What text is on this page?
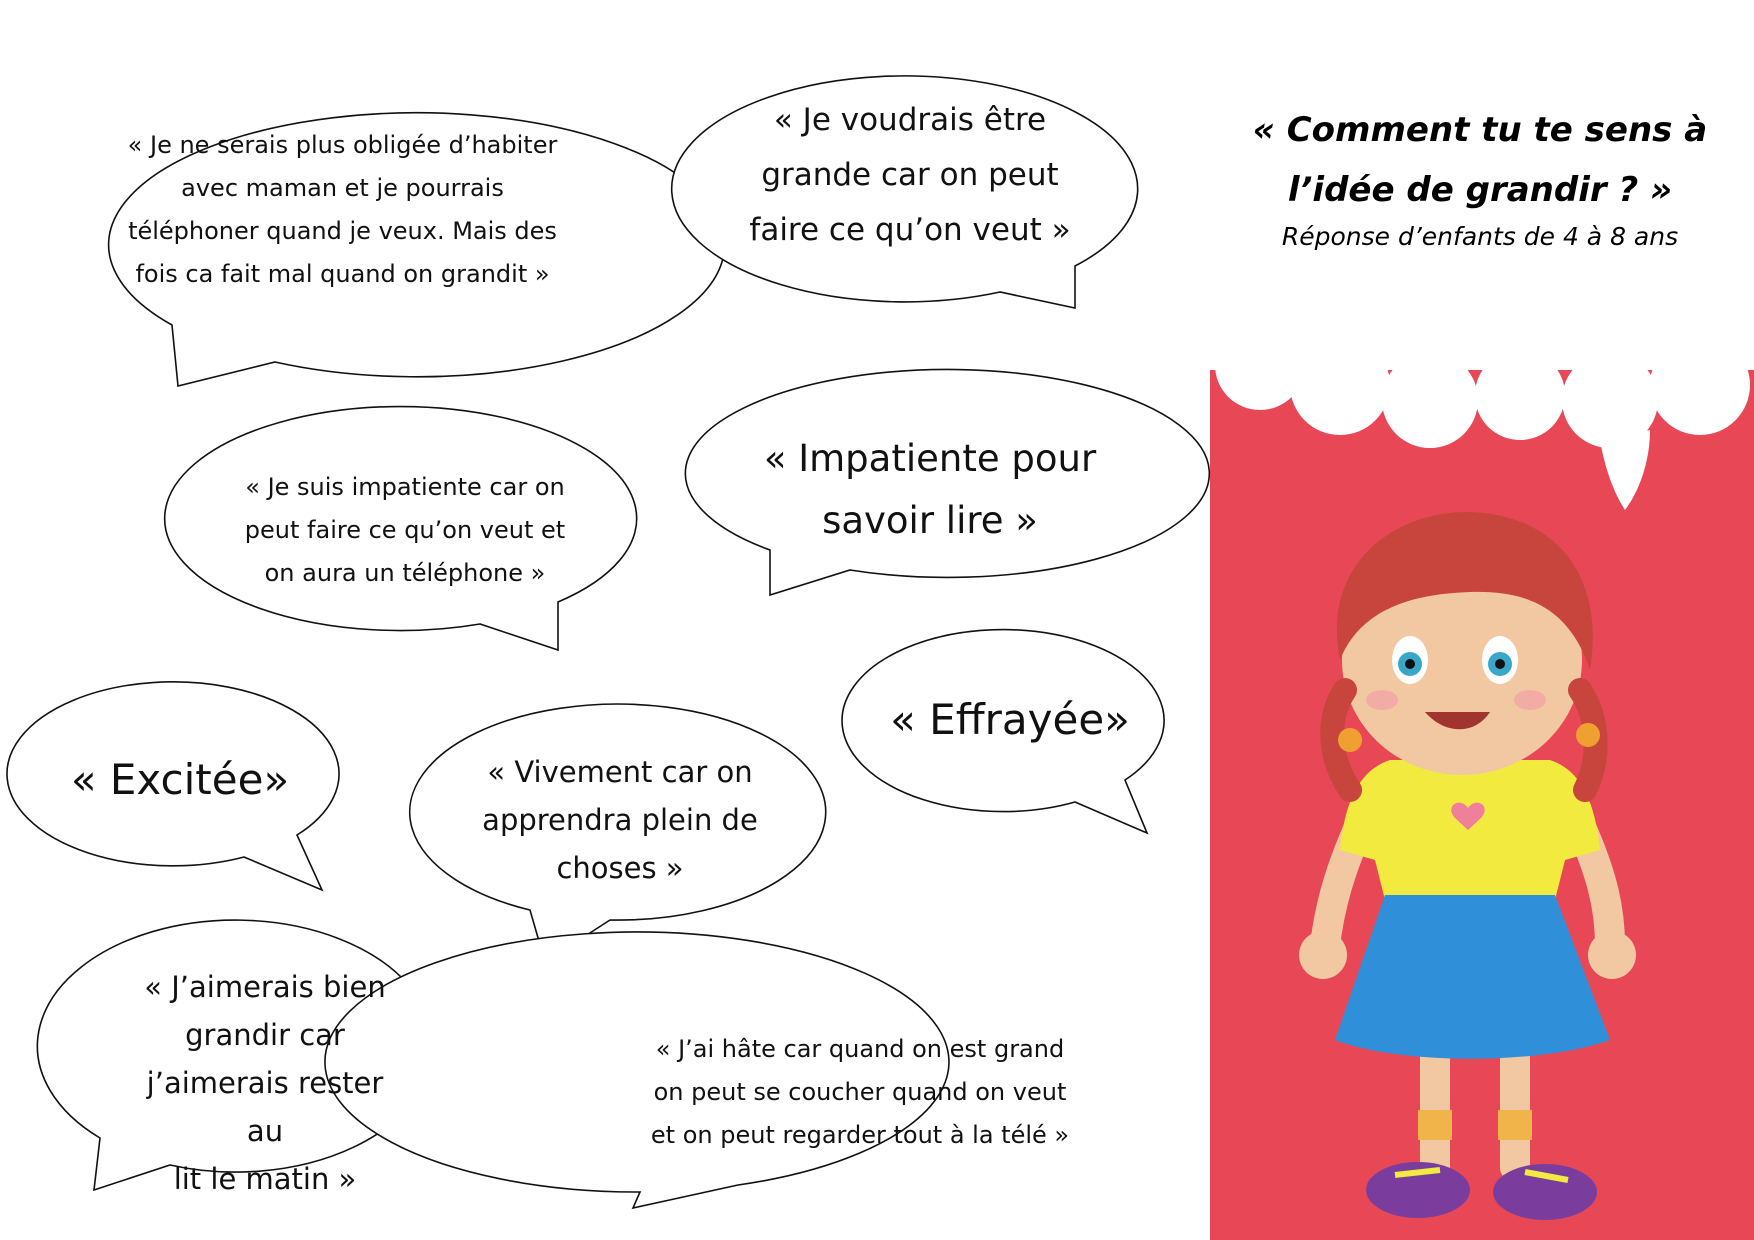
« Comment tu te sens à
l’idée de grandir ? »
Réponse d’enfants de 4 à 8 ans
« Je ne serais plus obligée d’habiter
avec maman et je pourrais
téléphoner quand je veux. Mais des
fois ca fait mal quand on grandit »
« Je voudrais être
grande car on peut
faire ce qu’on veut »
« Je suis impatiente car on
peut faire ce qu’on veut et
on aura un téléphone »
« Impatiente pour
savoir lire »
« Effrayée»
« Excitée»	« Vivement car on
apprendra plein de
choses »
« J’aimerais bien
grandir car
j’aimerais rester au
lit le matin »
« J’ai hâte car quand on est grand
on peut se coucher quand on veut
et on peut regarder tout à la télé »
